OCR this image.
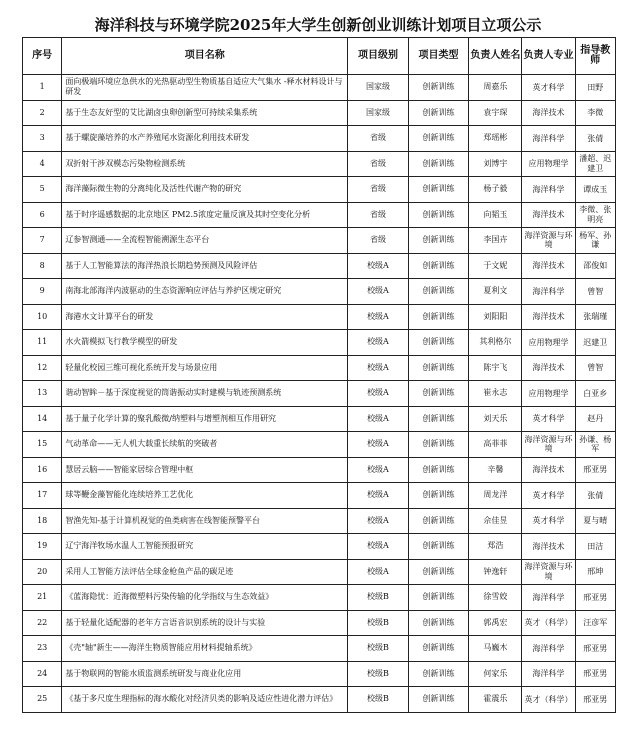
海洋科技与环境学院2025年大学生创新创业训练计划项目立项公示
序号	项目名称	项目级别	项目类型	负责人姓名	负责人专业	指导教师
1	面向极端环境应急供水的光热驱动型生物质基自适应大气集水 -释水材料设计与研发	国家级	创新训练	周嘉乐	英才科学	田野
2	基于生态友好型的艾比湖卤虫卵创新型可持续采集系统	国家级	创新训练	袁宇琛	海洋技术	李微
3	基于螺旋藻培养的水产养殖尾水资源化利用技术研发	省级	创新训练	郑瑶彬	海洋科学	张倩
4	双折射干涉双模态污染物检测系统	省级	创新训练	刘博宇	应用物理学	潘超、迟建卫
5	海洋藻际微生物的分离纯化及活性代谢产物的研究	省级	创新训练	杨子毅	海洋科学	谭成玉
6	基于时序遥感数据的北京地区 PM2.5浓度定量反演及其时空变化分析	省级	创新训练	向韬玉	海洋技术	李微、张明亮
7	辽参智测通——全流程智能溯源生态平台	省级	创新训练	李国卉	海洋资源与环境	杨军、孙谦
8	基于人工智能算法的海洋热浪长期趋势预测及风险评估	校级A	创新训练	于文妮	海洋技术	邵俊如
9	南海北部海洋内波驱动的生态资源响应评估与养护区规定研究	校级A	创新训练	夏利文	海洋科学	曾智
10	海港水文计算平台的研发	校级A	创新训练	刘阳阳	海洋技术	张瑞瑾
11	水火箭模拟飞行教学模型的研发	校级A	创新训练	其利格尔	应用物理学	迟建卫
12	轻量化校园三维可视化系统开发与场景应用	校级A	创新训练	陈宇飞	海洋技术	曾智
13	谐动智眸－基于深度视觉的筒谐振动实时建模与轨迹预测系统	校级A	创新训练	崔永志	应用物理学	白亚乡
14	基于量子化学计算的聚乳酸微/纳塑料与增塑剂相互作用研究	校级A	创新训练	刘天乐	英才科学	赵丹
15	气动革命——无人机大载重长续航的突破者	校级A	创新训练	高菲菲	海洋资源与环境	孙谦、杨军
16	慧居云脑——智能家居综合管理中枢	校级A	创新训练	辛馨	海洋技术	邢亚男
17	球等鞭金藻智能化连续培养工艺优化	校级A	创新训练	周龙洋	英才科学	张倩
18	智渔先知-基于计算机视觉的鱼类病害在线智能预警平台	校级A	创新训练	佘佳昱	英才科学	夏与晴
19	辽宁海洋牧场水温人工智能预报研究	校级A	创新训练	郑浩	海洋技术	田洁
20	采用人工智能方法评估全球金枪鱼产品的碳足迹	校级A	创新训练	钟逸轩	海洋资源与环境	邢坤
21	《蓝海隐忧：近海微塑料污染传输的化学指纹与生态效益》	校级B	创新训练	徐雪姣	海洋科学	邢亚男
22	基于轻量化适配器的老年方言语音识别系统的设计与实验	校级B	创新训练	郭禹宏	英才（科学）	汪彦军
23	《壳"轴"新生——海洋生物质智能应用材料提轴系统》	校级B	创新训练	马巍木	海洋科学	邢亚男
24	基于物联网的智能水质监测系统研发与商业化应用	校级B	创新训练	何家乐	海洋科学	邢亚男
25	《基于多尺度生理指标的海水酸化对经济贝类的影响及适应性进化潜力评估》	校级B	创新训练	霍震乐	英才（科学）	邢亚男
